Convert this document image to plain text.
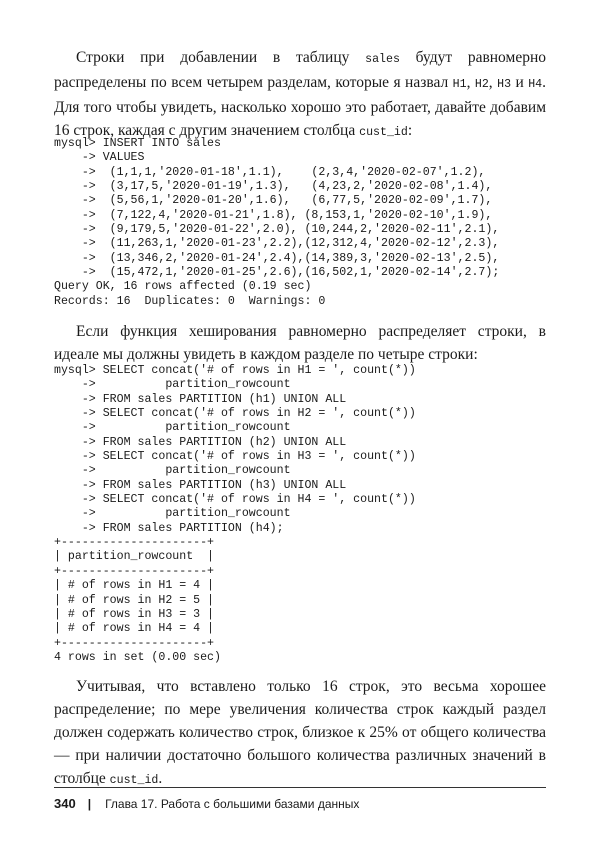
Строки при добавлении в таблицу sales будут равномерно распределены по всем четырем разделам, которые я назвал H1, H2, H3 и H4. Для того чтобы увидеть, насколько хорошо это работает, давайте добавим 16 строк, каждая с другим значением столбца cust_id:

mysql> INSERT INTO sales
-> VALUES
->  (1,1,1,'2020-01-18',1.1),    (2,3,4,'2020-02-07',1.2),
->  (3,17,5,'2020-01-19',1.3),   (4,23,2,'2020-02-08',1.4),
->  (5,56,1,'2020-01-20',1.6),   (6,77,5,'2020-02-09',1.7),
->  (7,122,4,'2020-01-21',1.8), (8,153,1,'2020-02-10',1.9),
->  (9,179,5,'2020-01-22',2.0), (10,244,2,'2020-02-11',2.1),
->  (11,263,1,'2020-01-23',2.2),(12,312,4,'2020-02-12',2.3),
->  (13,346,2,'2020-01-24',2.4),(14,389,3,'2020-02-13',2.5),
->  (15,472,1,'2020-01-25',2.6),(16,502,1,'2020-02-14',2.7);
Query OK, 16 rows affected (0.19 sec)
Records: 16  Duplicates: 0  Warnings: 0

Если функция хеширования равномерно распределяет строки, в идеале мы должны увидеть в каждом разделе по четыре строки:

mysql> SELECT concat('# of rows in H1 = ', count(*))
->          partition_rowcount
-> FROM sales PARTITION (h1) UNION ALL
-> SELECT concat('# of rows in H2 = ', count(*))
->          partition_rowcount
-> FROM sales PARTITION (h2) UNION ALL
-> SELECT concat('# of rows in H3 = ', count(*))
->          partition_rowcount
-> FROM sales PARTITION (h3) UNION ALL
-> SELECT concat('# of rows in H4 = ', count(*))
->          partition_rowcount
-> FROM sales PARTITION (h4);
+---------------------+
| partition_rowcount  |
+---------------------+
| # of rows in H1 = 4 |
| # of rows in H2 = 5 |
| # of rows in H3 = 3 |
| # of rows in H4 = 4 |
+---------------------+
4 rows in set (0.00 sec)

Учитывая, что вставлено только 16 строк, это весьма хорошее распределение; по мере увеличения количества строк каждый раздел должен содержать количество строк, близкое к 25% от общего количества — при наличии достаточно большого количества различных значений в столбце cust_id.

340 | Глава 17. Работа с большими базами данных
